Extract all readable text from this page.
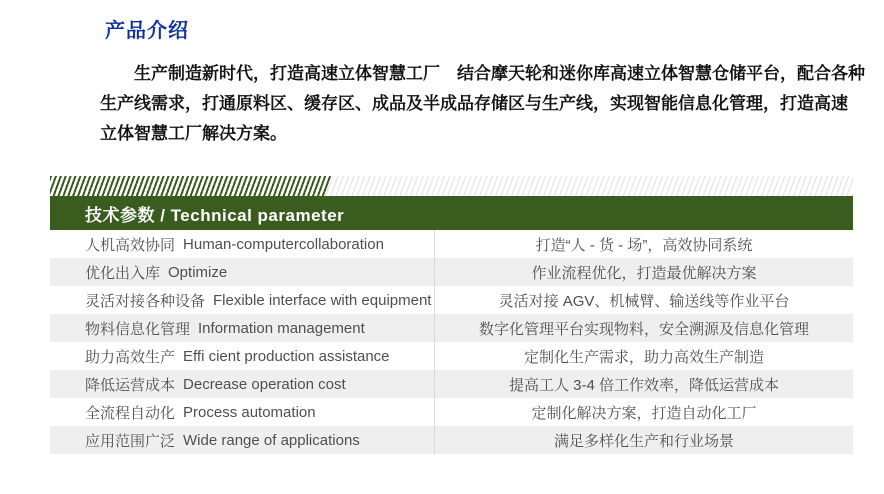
产品介绍
生产制造新时代，打造高速立体智慧工厂　结合摩天轮和迷你库高速立体智慧仓储平台，配合各种
生产线需求，打通原料区、缓存区、成品及半成品存储区与生产线，实现智能信息化管理，打造高速
立体智慧工厂解决方案。
技术参数 / Technical parameter
人机高效协同 Human-computercollaboration	打造“人 - 货 - 场”，高效协同系统
优化出入库 Optimize	作业流程优化，打造最优解决方案
灵活对接各种设备 Flexible interface with equipment	灵活对接 AGV、机械臂、输送线等作业平台
物料信息化管理 Information management	数字化管理平台实现物料，安全溯源及信息化管理
助力高效生产 Effi cient production assistance	定制化生产需求，助力高效生产制造
降低运营成本 Decrease operation cost	提高工人 3-4 倍工作效率，降低运营成本
全流程自动化 Process automation	定制化解决方案，打造自动化工厂
应用范围广泛 Wide range of applications	满足多样化生产和行业场景
